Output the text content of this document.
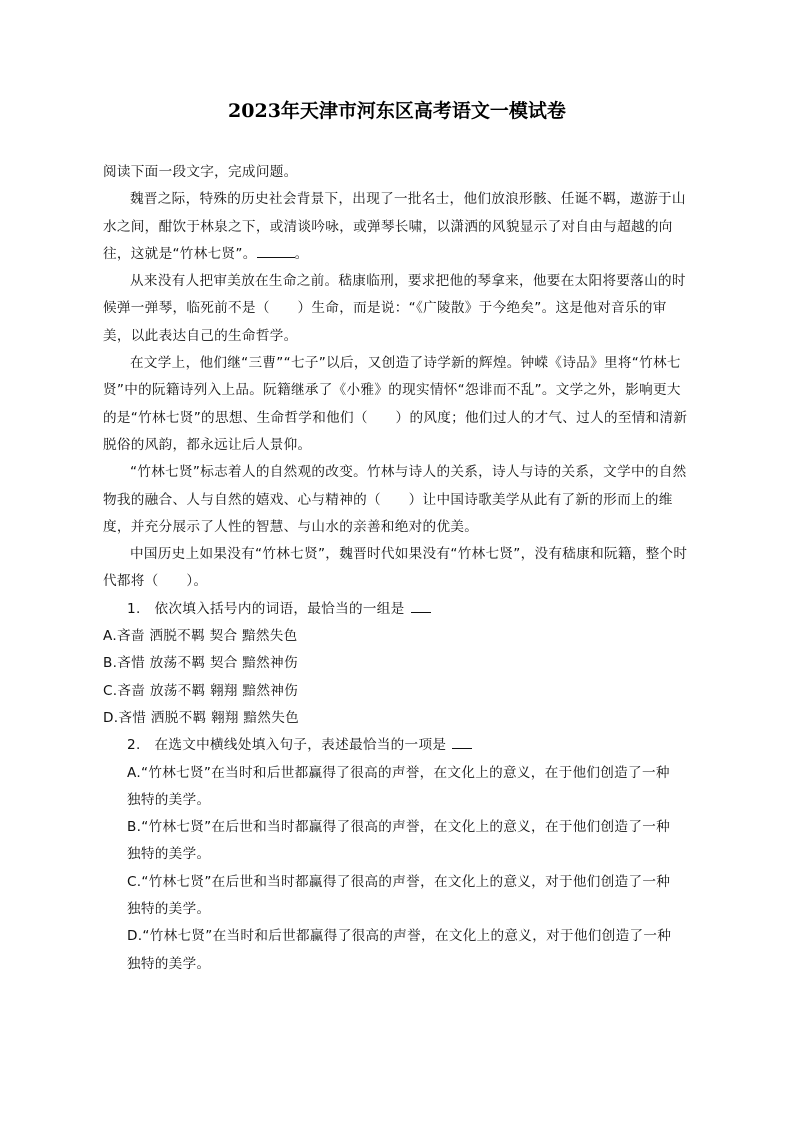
2023年天津市河东区高考语文一模试卷

阅读下面一段文字，完成问题。

魏晋之际，特殊的历史社会背景下，出现了一批名士，他们放浪形骸、任诞不羁，遨游于山水之间，酣饮于林泉之下，或清谈吟咏，或弹琴长啸，以潇洒的风貌显示了对自由与超越的向往，这就是“竹林七贤”。	。

从来没有人把审美放在生命之前。嵇康临刑，要求把他的琴拿来，他要在太阳将要落山的时候弹一弹琴，临死前不是（　　）生命，而是说：“《广陵散》于今绝矣”。这是他对音乐的审美，以此表达自己的生命哲学。

在文学上，他们继“三曹”“七子”以后，又创造了诗学新的辉煌。钟嵘《诗品》里将“竹林七贤”中的阮籍诗列入上品。阮籍继承了《小雅》的现实情怀“怨诽而不乱”。文学之外，影响更大的是“竹林七贤”的思想、生命哲学和他们（　　）的风度；他们过人的才气、过人的至情和清新脱俗的风韵，都永远让后人景仰。

“竹林七贤”标志着人的自然观的改变。竹林与诗人的关系，诗人与诗的关系，文学中的自然物我的融合、人与自然的嬉戏、心与精神的（　　）让中国诗歌美学从此有了新的形而上的维度，并充分展示了人性的智慧、与山水的亲善和绝对的优美。

中国历史上如果没有“竹林七贤”，魏晋时代如果没有“竹林七贤”，没有嵇康和阮籍，整个时代都将（　　）。

1.　依次填入括号内的词语，最恰当的一组是

A.吝啬 洒脱不羁 契合 黯然失色

B.吝惜 放荡不羁 契合 黯然神伤

C.吝啬 放荡不羁 翱翔 黯然神伤

D.吝惜 洒脱不羁 翱翔 黯然失色

2.　在选文中横线处填入句子，表述最恰当的一项是

A.“竹林七贤”在当时和后世都赢得了很高的声誉，在文化上的意义，在于他们创造了一种
独特的美学。
B.“竹林七贤”在后世和当时都赢得了很高的声誉，在文化上的意义，在于他们创造了一种
独特的美学。
C.“竹林七贤”在后世和当时都赢得了很高的声誉，在文化上的意义，对于他们创造了一种
独特的美学。
D.“竹林七贤”在当时和后世都赢得了很高的声誉，在文化上的意义，对于他们创造了一种
独特的美学。
